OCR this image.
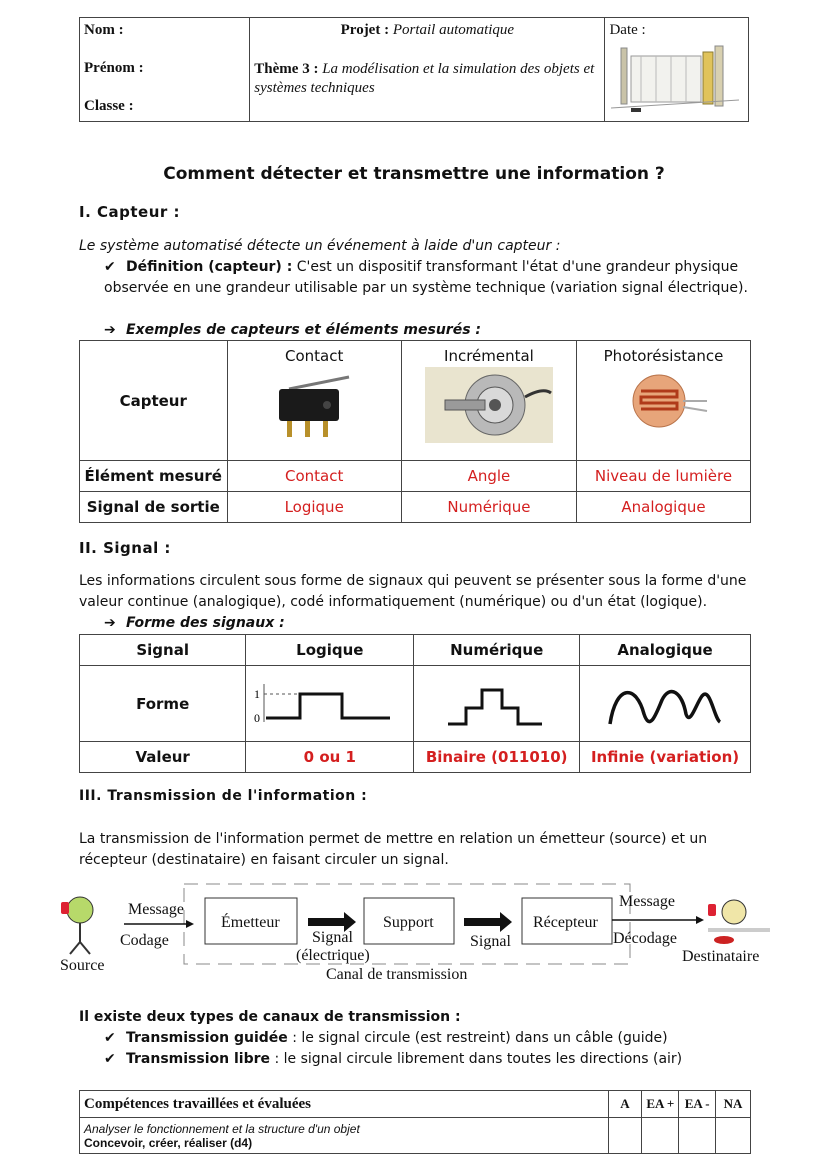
Nom :
Prénom :
Classe :

Projet : Portail automatique
Thème 3 : La modélisation et la simulation des objets et systèmes techniques

Date :
Comment détecter et transmettre une information ?
I. Capteur :
Le système automatisé détecte un événement à laide d'un capteur :
✔ Définition (capteur) : C'est un dispositif transformant l'état d'une grandeur physique observée en une grandeur utilisable par un système technique (variation signal électrique).
➔ Exemples de capteurs et éléments mesurés :
Capteur	Contact	Incrémental	Photorésistance

Élément mesuré	Contact	Angle	Niveau de lumière
Signal de sortie	Logique	Numérique	Analogique
II. Signal :
Les informations circulent sous forme de signaux qui peuvent se présenter sous la forme d'une valeur continue (analogique), codé informatiquement (numérique) ou d'un état (logique).
➔ Forme des signaux :
Signal	Logique	Numérique	Analogique
Forme	1
0

Valeur	0 ou 1	Binaire (011010)	Infinie (variation)
III. Transmission de l'information :
La transmission de l'information permet de mettre en relation un émetteur (source) et un récepteur (destinataire) en faisant circuler un signal.
Source
Message
Codage
Émetteur
Signal
(électrique)
Support
Signal
Récepteur
Message
Décodage
Destinataire
Canal de transmission
Il existe deux types de canaux de transmission :
✔ Transmission guidée : le signal circule (est restreint) dans un câble (guide)
✔ Transmission libre : le signal circule librement dans toutes les directions (air)
Compétences travaillées et évaluées	A	EA +	EA -	NA

Analyser le fonctionnement et la structure d'un objet
Concevoir, créer, réaliser (d4)				
